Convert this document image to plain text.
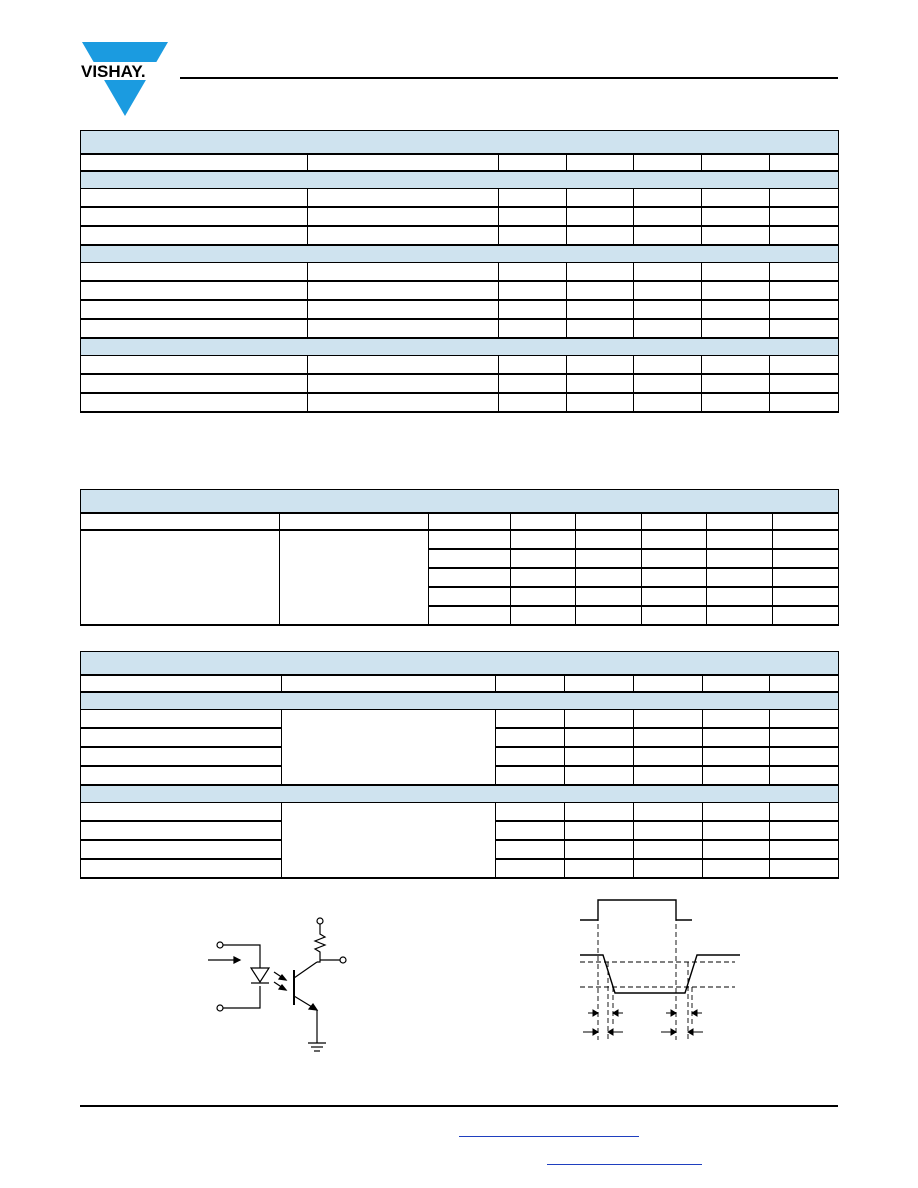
VISHAY.
